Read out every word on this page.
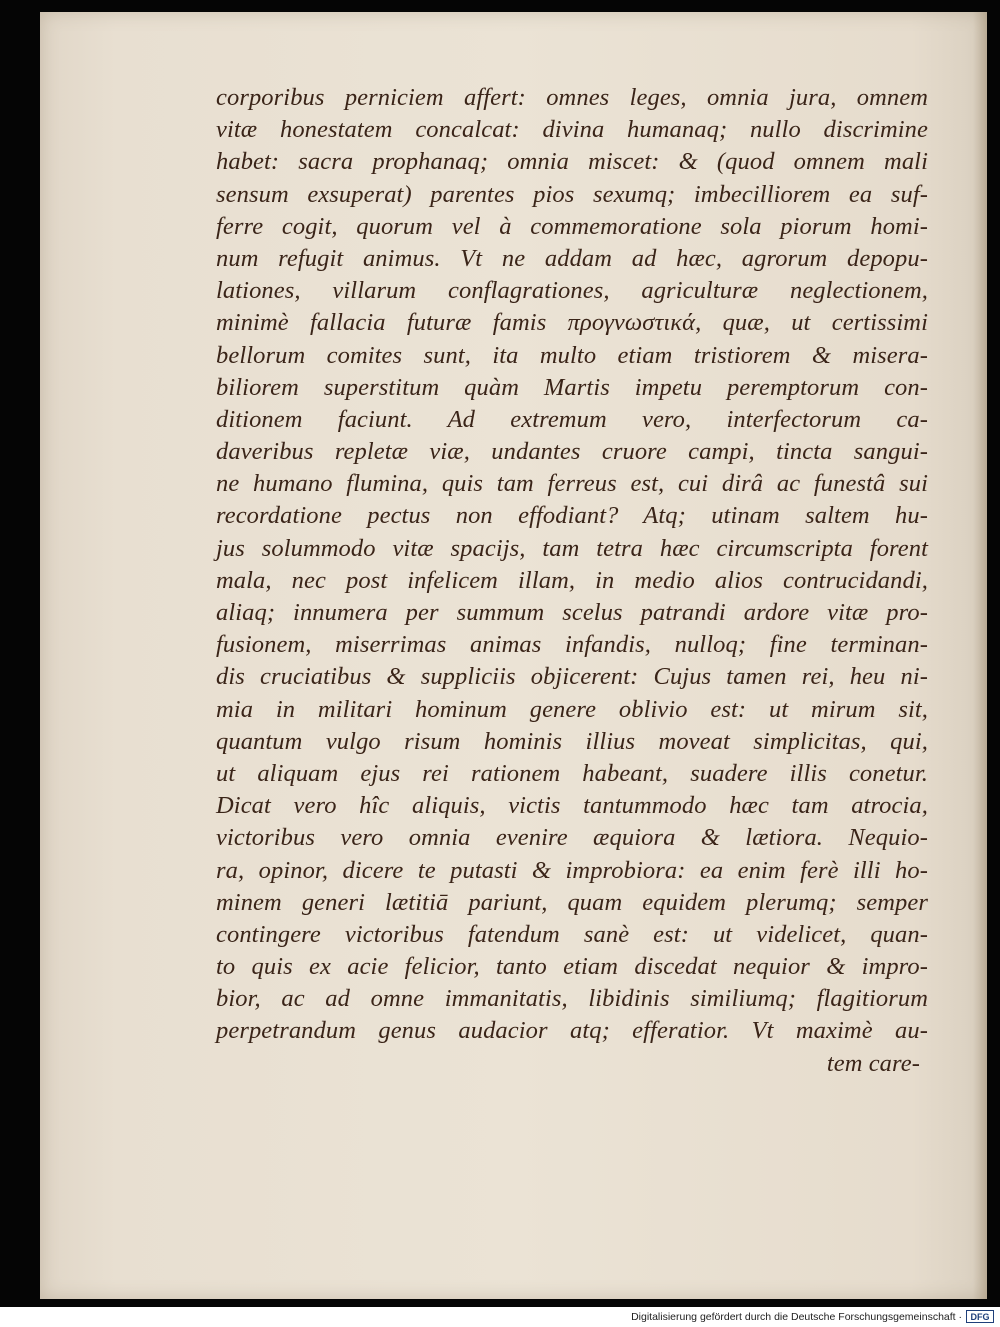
corporibus perniciem affert: omnes leges, omnia jura, omnem
vitæ honestatem concalcat: divina humanaq; nullo discrimine
habet: sacra prophanaq; omnia miscet: & (quod omnem mali
sensum exsuperat) parentes pios sexumq; imbecilliorem ea suf-
ferre cogit, quorum vel à commemoratione sola piorum homi-
num refugit animus. Vt ne addam ad hæc, agrorum depopu-
lationes, villarum conflagrationes, agriculturæ neglectionem,
minimè fallacia futuræ famis προγνωστικά, quæ, ut certissimi
bellorum comites sunt, ita multo etiam tristiorem & misera-
biliorem superstitum quàm Martis impetu peremptorum con-
ditionem faciunt. Ad extremum vero, interfectorum ca-
daveribus repletæ viæ, undantes cruore campi, tincta sangui-
ne humano flumina, quis tam ferreus est, cui dirâ ac funestâ sui
recordatione pectus non effodiant? Atq; utinam saltem hu-
jus solummodo vitæ spacijs, tam tetra hæc circumscripta forent
mala, nec post infelicem illam, in medio alios contrucidandi,
aliaq; innumera per summum scelus patrandi ardore vitæ pro-
fusionem, miserrimas animas infandis, nulloq; fine terminan-
dis cruciatibus & suppliciis objicerent: Cujus tamen rei, heu ni-
mia in militari hominum genere oblivio est: ut mirum sit,
quantum vulgo risum hominis illius moveat simplicitas, qui,
ut aliquam ejus rei rationem habeant, suadere illis conetur.
Dicat vero hîc aliquis, victis tantummodo hæc tam atrocia,
victoribus vero omnia evenire æquiora & lætiora. Nequio-
ra, opinor, dicere te putasti & improbiora: ea enim ferè illi ho-
minem generi lætitiā pariunt, quam equidem plerumq; semper
contingere victoribus fatendum sanè est: ut videlicet, quan-
to quis ex acie felicior, tanto etiam discedat nequior & impro-
bior, ac ad omne immanitatis, libidinis similiumq; flagitiorum
perpetrandum genus audacior atq; efferatior. Vt maximè au-
tem care-
Digitalisierung gefördert durch die Deutsche Forschungsgemeinschaft · DFG
